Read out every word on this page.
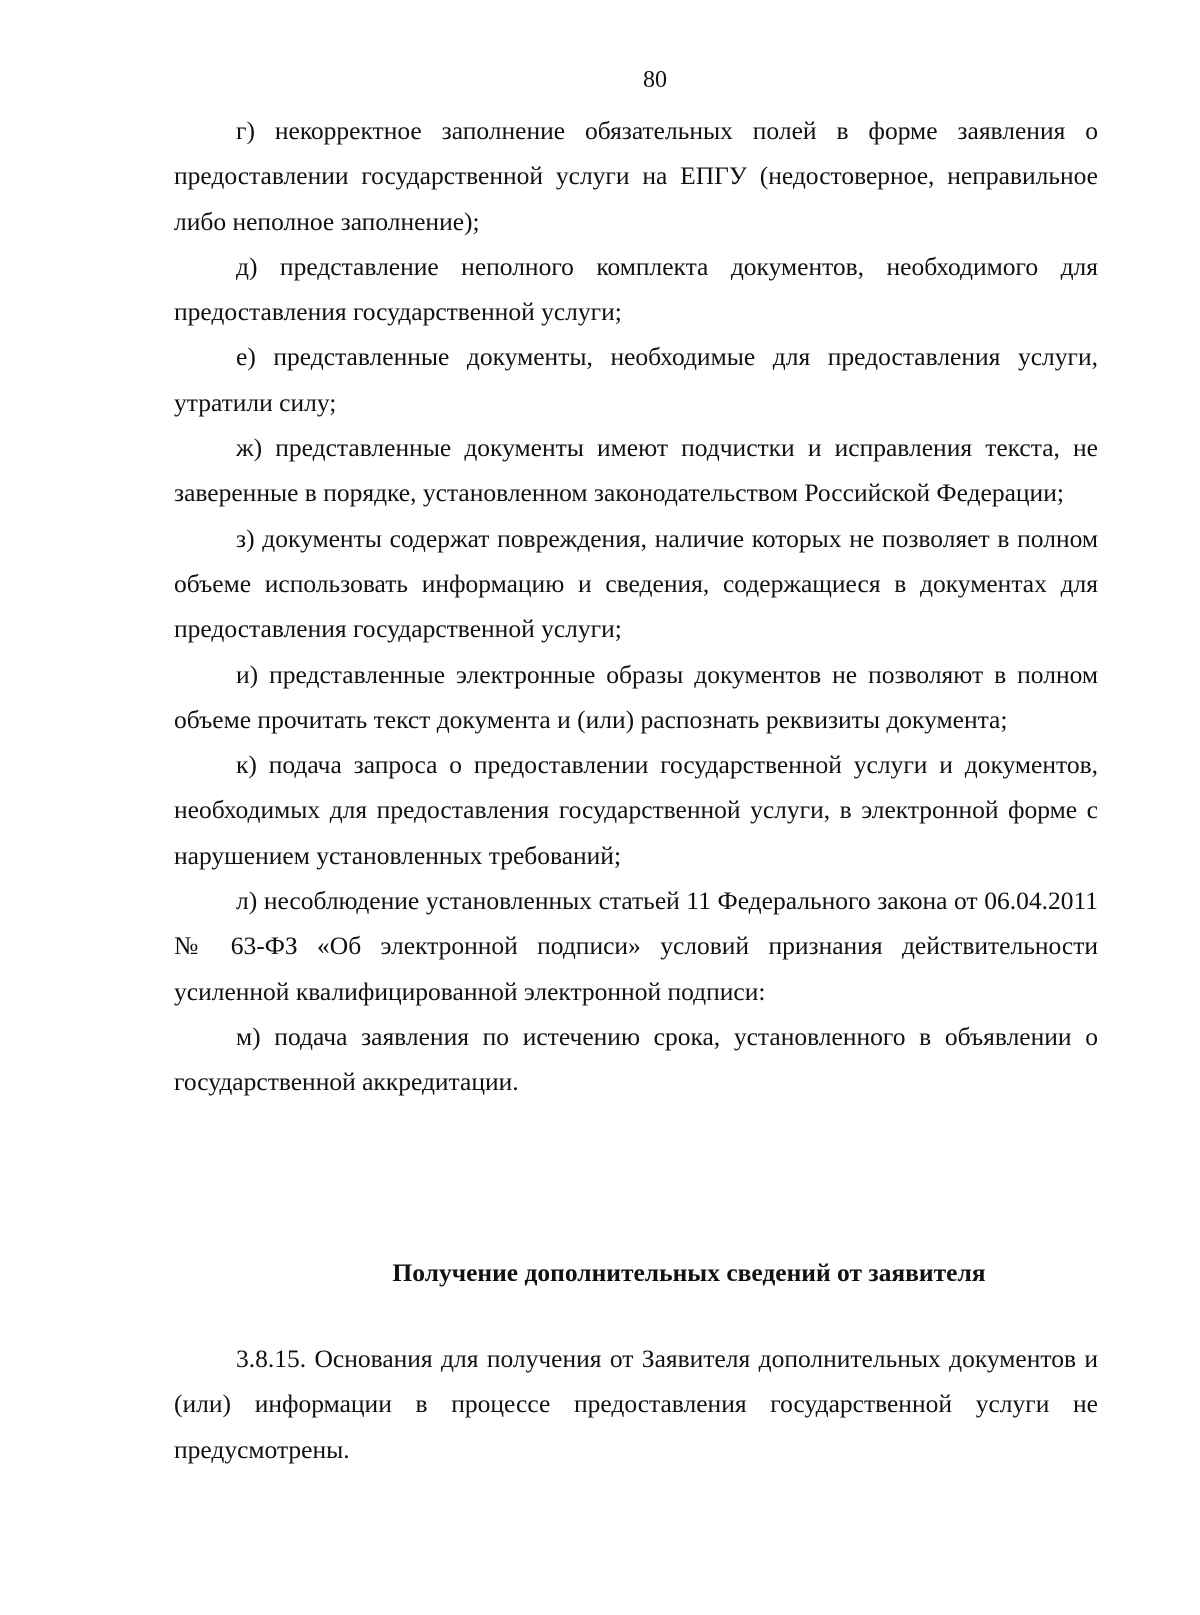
80

г) некорректное заполнение обязательных полей в форме заявления о предоставлении государственной услуги на ЕПГУ (недостоверное, неправильное либо неполное заполнение);

д) представление неполного комплекта документов, необходимого для предоставления государственной услуги;

е) представленные документы, необходимые для предоставления услуги, утратили силу;

ж) представленные документы имеют подчистки и исправления текста, не заверенные в порядке, установленном законодательством Российской Федерации;

з) документы содержат повреждения, наличие которых не позволяет в полном объеме использовать информацию и сведения, содержащиеся в документах для предоставления государственной услуги;

и) представленные электронные образы документов не позволяют в полном объеме прочитать текст документа и (или) распознать реквизиты документа;

к) подача запроса о предоставлении государственной услуги и документов, необходимых для предоставления государственной услуги, в электронной форме с нарушением установленных требований;

л) несоблюдение установленных статьей 11 Федерального закона от 06.04.2011 № 63-ФЗ «Об электронной подписи» условий признания действительности усиленной квалифицированной электронной подписи:

м) подача заявления по истечению срока, установленного в объявлении о государственной аккредитации.

Получение дополнительных сведений от заявителя

3.8.15. Основания для получения от Заявителя дополнительных документов и (или) информации в процессе предоставления государственной услуги не предусмотрены.
